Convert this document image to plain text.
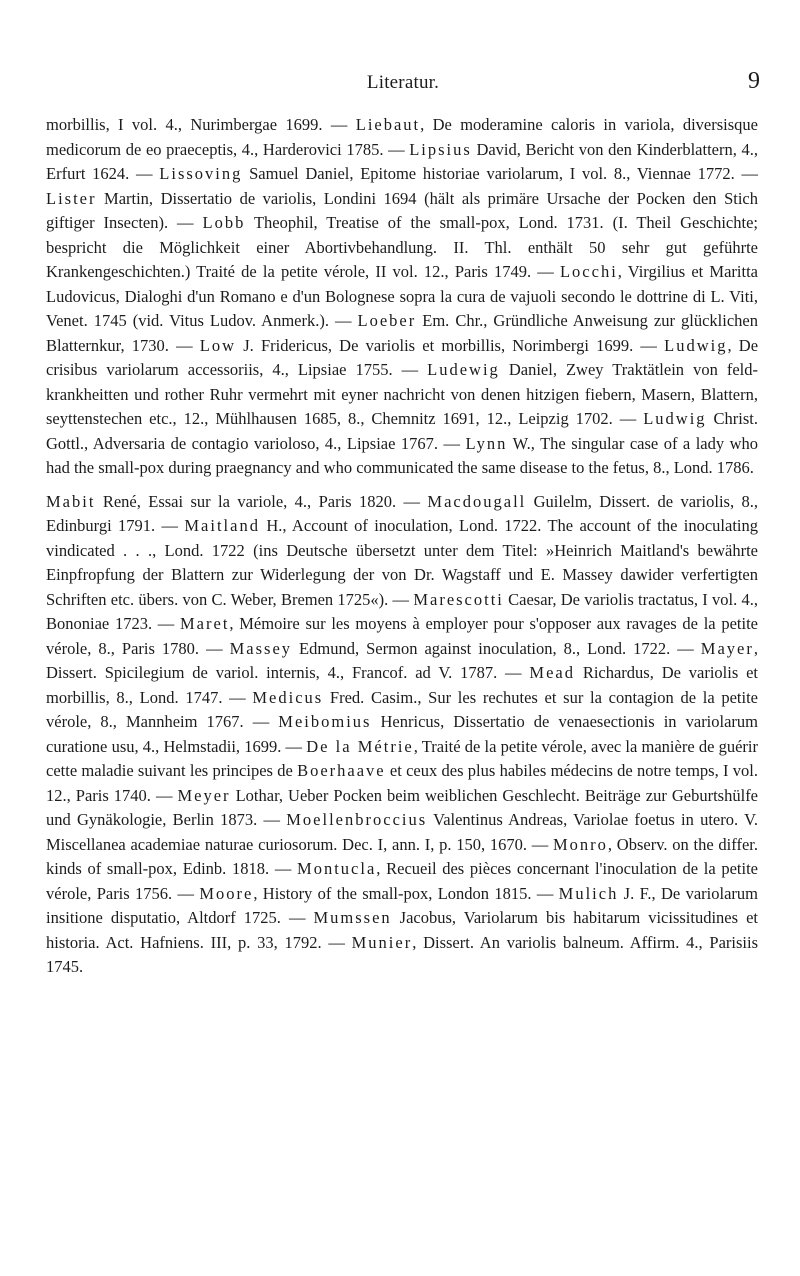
Literatur.	9

morbillis, I vol. 4., Nurimbergae 1699. — Liebaut, De moderamine caloris in variola, diversisque medicorum de eo praeceptis, 4., Harderovici 1785. — Lipsius David, Bericht von den Kinderblattern, 4., Erfurt 1624. — Lissoving Samuel Daniel, Epitome historiae variolarum, I vol. 8., Viennae 1772. — Lister Martin, Dissertatio de variolis, Londini 1694 (hält als primäre Ursache der Pocken den Stich giftiger Insecten). — Lobb Theophil, Treatise of the small-pox, Lond. 1731. (I. Theil Geschichte; bespricht die Möglichkeit einer Abortivbehandlung. II. Thl. enthält 50 sehr gut geführte Krankengeschichten.) Traité de la petite vérole, II vol. 12., Paris 1749. — Locchi, Virgilius et Maritta Ludovicus, Dialoghi d'un Romano e d'un Bolognese sopra la cura de vajuoli secondo le dottrine di L. Viti, Venet. 1745 (vid. Vitus Ludov. Anmerk.). — Loeber Em. Chr., Gründliche Anweisung zur glücklichen Blatternkur, 1730. — Low J. Fridericus, De variolis et morbillis, Norimbergi 1699. — Ludwig, De crisibus variolarum accessoriis, 4., Lipsiae 1755. — Ludewig Daniel, Zwey Traktätlein von feld-krankheitten und rother Ruhr vermehrt mit eyner nachricht von denen hitzigen fiebern, Masern, Blattern, seyttenstechen etc., 12., Mühlhausen 1685, 8., Chemnitz 1691, 12., Leipzig 1702. — Ludwig Christ. Gottl., Adversaria de contagio varioloso, 4., Lipsiae 1767. — Lynn W., The singular case of a lady who had the small-pox during praegnancy and who communicated the same disease to the fetus, 8., Lond. 1786.

Mabit René, Essai sur la variole, 4., Paris 1820. — Macdougall Guilelm, Dissert. de variolis, 8., Edinburgi 1791. — Maitland H., Account of inoculation, Lond. 1722. The account of the inoculating vindicated . . ., Lond. 1722 (ins Deutsche übersetzt unter dem Titel: »Heinrich Maitland's bewährte Einpfropfung der Blattern zur Widerlegung der von Dr. Wagstaff und E. Massey dawider verfertigten Schriften etc. übers. von C. Weber, Bremen 1725«). — Marescotti Caesar, De variolis tractatus, I vol. 4., Bononiae 1723. — Maret, Mémoire sur les moyens à employer pour s'opposer aux ravages de la petite vérole, 8., Paris 1780. — Massey Edmund, Sermon against inoculation, 8., Lond. 1722. — Mayer, Dissert. Spicilegium de variol. internis, 4., Francof. ad V. 1787. — Mead Richardus, De variolis et morbillis, 8., Lond. 1747. — Medicus Fred. Casim., Sur les rechutes et sur la contagion de la petite vérole, 8., Mannheim 1767. — Meibomius Henricus, Dissertatio de venaesectionis in variolarum curatione usu, 4., Helmstadii, 1699. — De la Métrie, Traité de la petite vérole, avec la manière de guérir cette maladie suivant les principes de Boerhaave et ceux des plus habiles médecins de notre temps, I vol. 12., Paris 1740. — Meyer Lothar, Ueber Pocken beim weiblichen Geschlecht. Beiträge zur Geburtshülfe und Gynäkologie, Berlin 1873. — Moellenbroccius Valentinus Andreas, Variolae foetus in utero. V. Miscellanea academiae naturae curiosorum. Dec. I, ann. I, p. 150, 1670. — Monro, Observ. on the differ. kinds of small-pox, Edinb. 1818. — Montucla, Recueil des pièces concernant l'inoculation de la petite vérole, Paris 1756. — Moore, History of the small-pox, London 1815. — Mulich J. F., De variolarum insitione disputatio, Altdorf 1725. — Mumssen Jacobus, Variolarum bis habitarum vicissitudines et historia. Act. Hafniens. III, p. 33, 1792. — Munier, Dissert. An variolis balneum. Affirm. 4., Parisiis 1745.
